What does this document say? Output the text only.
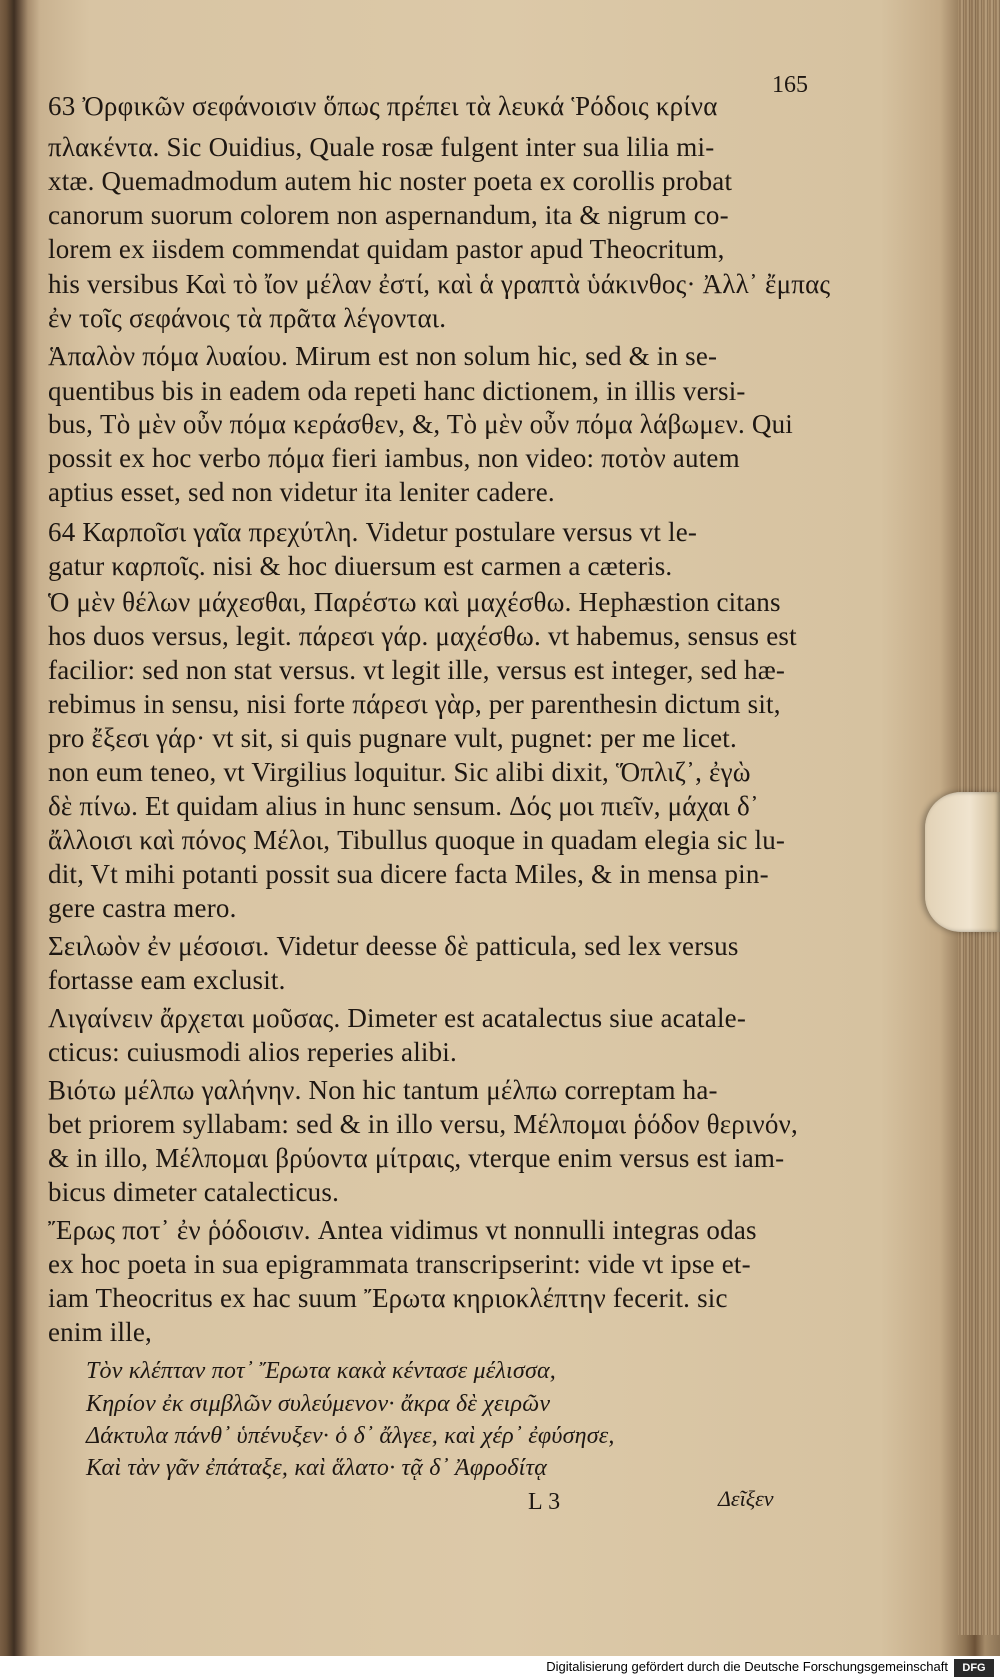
165
63 Ὀρφικῶν σεφάνοισιν ὅπως πρέπει τὰ λευκά Ῥόδοις κρίνα
πλακέντα. Sic Ouidius, Quale rosæ fulgent inter sua lilia mi-
xtæ. Quemadmodum autem hic noster poeta ex corollis probat
canorum suorum colorem non aspernandum, ita & nigrum co-
lorem ex iisdem commendat quidam pastor apud Theocritum,
his versibus Καὶ τὸ ἴον μέλαν ἐστί, καὶ ἁ γραπτὰ ὑάκινθος· Ἀλλ᾽ ἔμπας
ἐν τοῖς σεφάνοις τὰ πρᾶτα λέγονται.
Ἁπαλὸν πόμα λυαίου. Mirum est non solum hic, sed & in se-
quentibus bis in eadem oda repeti hanc dictionem, in illis versi-
bus, Τὸ μὲν οὖν πόμα κεράσθεν, &, Τὸ μὲν οὖν πόμα λάβωμεν. Qui
possit ex hoc verbo πόμα fieri iambus, non video: ποτὸν autem
aptius esset, sed non videtur ita leniter cadere.
64 Καρποῖσι γαῖα πρεχύτλη. Videtur postulare versus vt le-
gatur καρποῖς. nisi & hoc diuersum est carmen a cæteris.
Ὁ μὲν θέλων μάχεσθαι, Παρέστω καὶ μαχέσθω. Hephæstion citans
hos duos versus, legit. πάρεσι γάρ. μαχέσθω. vt habemus, sensus est
facilior: sed non stat versus. vt legit ille, versus est integer, sed hæ-
rebimus in sensu, nisi forte πάρεσι γὰρ, per parenthesin dictum sit,
pro ἔξεσι γάρ· vt sit, si quis pugnare vult, pugnet: per me licet.
non eum teneo, vt Virgilius loquitur. Sic alibi dixit, Ὅπλιζ᾽, ἐγὼ
δὲ πίνω. Et quidam alius in hunc sensum. Δός μοι πιεῖν, μάχαι δ᾽
ἄλλοισι καὶ πόνος Μέλοι, Tibullus quoque in quadam elegia sic lu-
dit, Vt mihi potanti possit sua dicere facta Miles, & in mensa pin-
gere castra mero.
Σειλωὸν ἐν μέσοισι. Videtur deesse δὲ patticula, sed lex versus
fortasse eam exclusit.
Λιγαίνειν ἄρχεται μοῦσας. Dimeter est acatalectus siue acatale-
cticus: cuiusmodi alios reperies alibi.
Βιότω μέλπω γαλήνην. Non hic tantum μέλπω correptam ha-
bet priorem syllabam: sed & in illo versu, Μέλπομαι ῥόδον θερινόν,
& in illo, Μέλπομαι βρύοντα μίτραις, vterque enim versus est iam-
bicus dimeter catalecticus.
Ἔρως ποτ᾽ ἐν ῥόδοισιν. Antea vidimus vt nonnulli integras odas
ex hoc poeta in sua epigrammata transcripserint: vide vt ipse et-
iam Theocritus ex hac suum Ἔρωτα κηριοκλέπτην fecerit. sic
enim ille,
Τὸν κλέπταν ποτ᾽ Ἔρωτα κακὰ κέντασε μέλισσα,
Κηρίον ἐκ σιμβλῶν συλεύμενον· ἄκρα δὲ χειρῶν
Δάκτυλα πάνθ᾽ ὑπένυξεν· ὁ δ᾽ ἄλγεε, καὶ χέρ᾽ ἐφύσησε,
Καὶ τὰν γᾶν ἐπάταξε, καὶ ἅλατο· τᾷ δ᾽ Ἀφροδίτᾳ
L 3	Δεῖξεν
Digitalisierung gefördert durch die Deutsche Forschungsgemeinschaft	DFG
